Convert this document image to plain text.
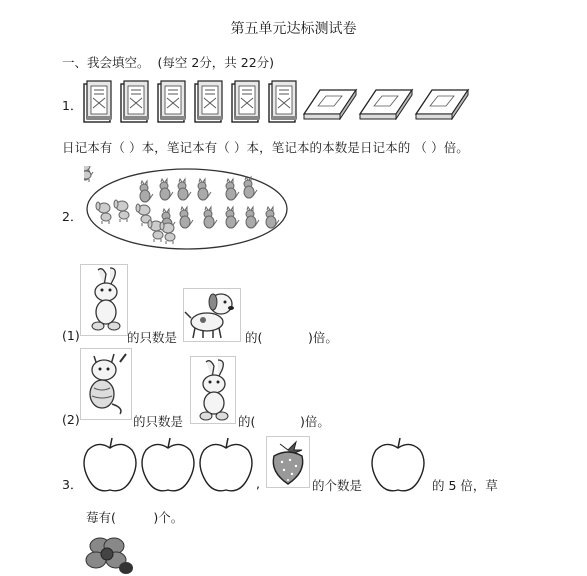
第五单元达标测试卷
一、我会填空。 (每空 2分，共 22分)
1．
日记本有（ ）本，笔记本有（ ）本，笔记本的本数是日记本的 （ ）倍。
2．
(1)	的只数是	的(	)倍。
(2)	的只数是	的(	)倍。
3．	,	的个数是	的 5 倍，草
莓有(　　　)个。
